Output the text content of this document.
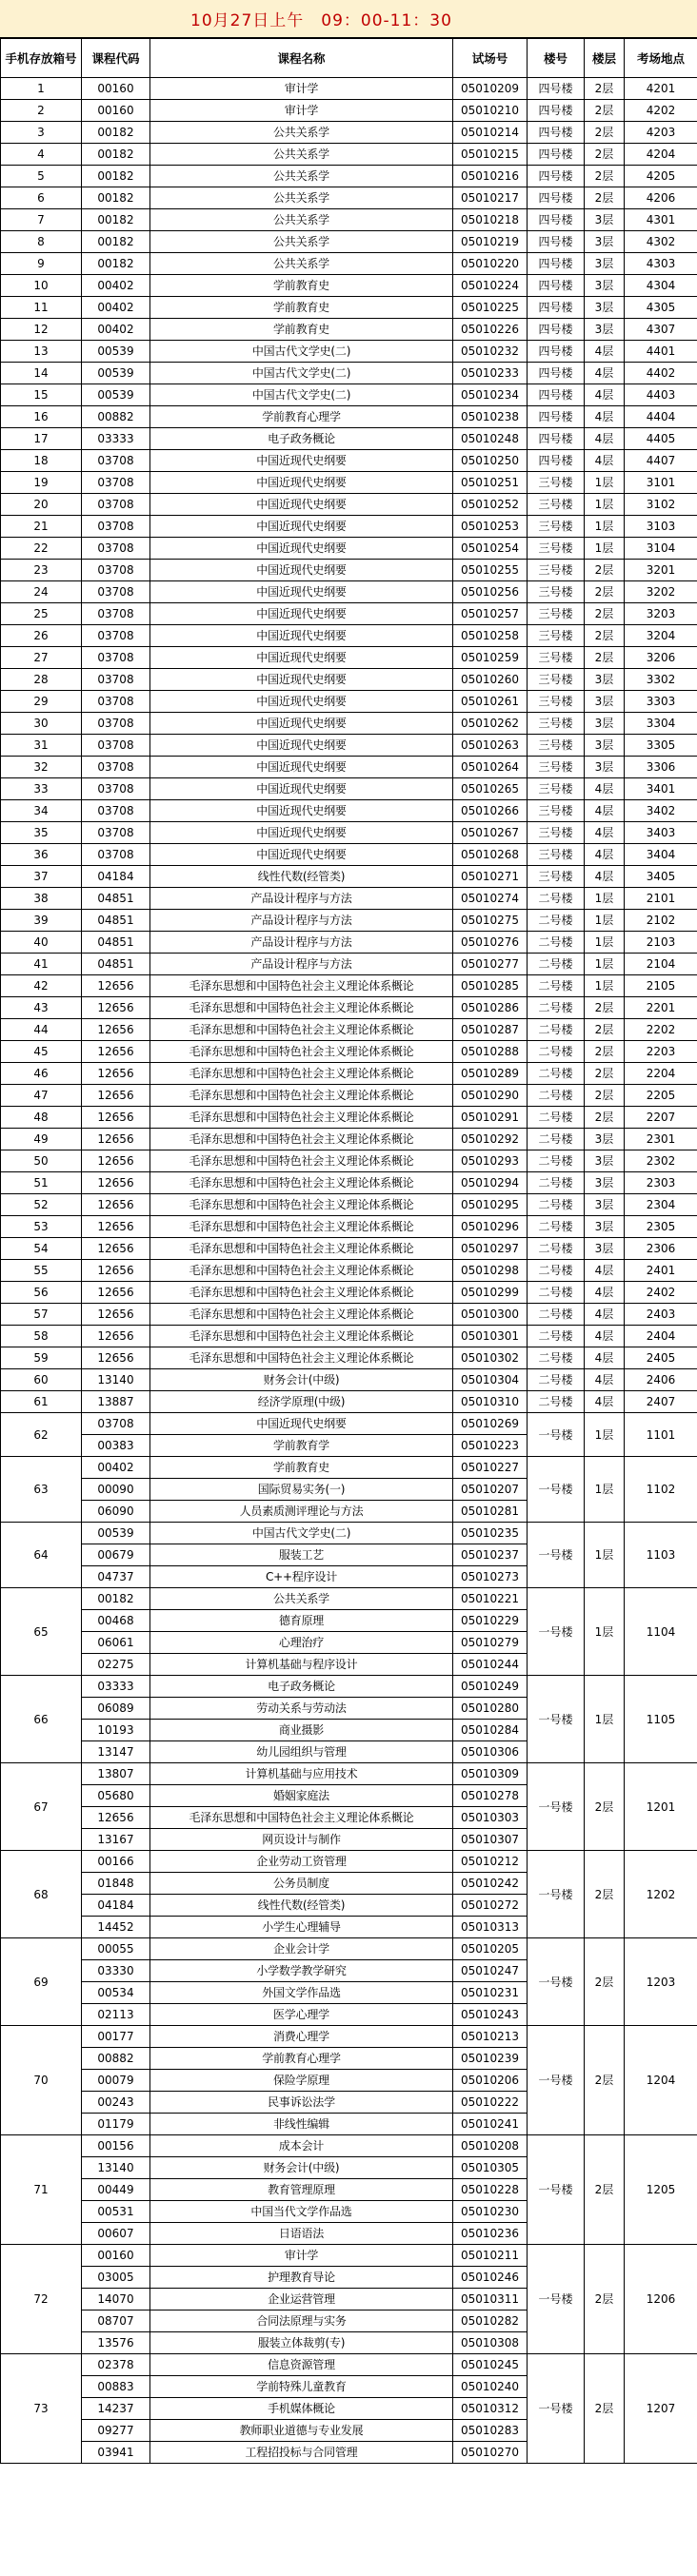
10月27日上午　09：00-11：30
手机存放箱号	课程代码	课程名称	试场号	楼号	楼层	考场地点
1	00160	审计学	05010209	四号楼	2层	4201
2	00160	审计学	05010210	四号楼	2层	4202
3	00182	公共关系学	05010214	四号楼	2层	4203
4	00182	公共关系学	05010215	四号楼	2层	4204
5	00182	公共关系学	05010216	四号楼	2层	4205
6	00182	公共关系学	05010217	四号楼	2层	4206
7	00182	公共关系学	05010218	四号楼	3层	4301
8	00182	公共关系学	05010219	四号楼	3层	4302
9	00182	公共关系学	05010220	四号楼	3层	4303
10	00402	学前教育史	05010224	四号楼	3层	4304
11	00402	学前教育史	05010225	四号楼	3层	4305
12	00402	学前教育史	05010226	四号楼	3层	4307
13	00539	中国古代文学史(二)	05010232	四号楼	4层	4401
14	00539	中国古代文学史(二)	05010233	四号楼	4层	4402
15	00539	中国古代文学史(二)	05010234	四号楼	4层	4403
16	00882	学前教育心理学	05010238	四号楼	4层	4404
17	03333	电子政务概论	05010248	四号楼	4层	4405
18	03708	中国近现代史纲要	05010250	四号楼	4层	4407
19	03708	中国近现代史纲要	05010251	三号楼	1层	3101
20	03708	中国近现代史纲要	05010252	三号楼	1层	3102
21	03708	中国近现代史纲要	05010253	三号楼	1层	3103
22	03708	中国近现代史纲要	05010254	三号楼	1层	3104
23	03708	中国近现代史纲要	05010255	三号楼	2层	3201
24	03708	中国近现代史纲要	05010256	三号楼	2层	3202
25	03708	中国近现代史纲要	05010257	三号楼	2层	3203
26	03708	中国近现代史纲要	05010258	三号楼	2层	3204
27	03708	中国近现代史纲要	05010259	三号楼	2层	3206
28	03708	中国近现代史纲要	05010260	三号楼	3层	3302
29	03708	中国近现代史纲要	05010261	三号楼	3层	3303
30	03708	中国近现代史纲要	05010262	三号楼	3层	3304
31	03708	中国近现代史纲要	05010263	三号楼	3层	3305
32	03708	中国近现代史纲要	05010264	三号楼	3层	3306
33	03708	中国近现代史纲要	05010265	三号楼	4层	3401
34	03708	中国近现代史纲要	05010266	三号楼	4层	3402
35	03708	中国近现代史纲要	05010267	三号楼	4层	3403
36	03708	中国近现代史纲要	05010268	三号楼	4层	3404
37	04184	线性代数(经管类)	05010271	三号楼	4层	3405
38	04851	产品设计程序与方法	05010274	二号楼	1层	2101
39	04851	产品设计程序与方法	05010275	二号楼	1层	2102
40	04851	产品设计程序与方法	05010276	二号楼	1层	2103
41	04851	产品设计程序与方法	05010277	二号楼	1层	2104
42	12656	毛泽东思想和中国特色社会主义理论体系概论	05010285	二号楼	1层	2105
43	12656	毛泽东思想和中国特色社会主义理论体系概论	05010286	二号楼	2层	2201
44	12656	毛泽东思想和中国特色社会主义理论体系概论	05010287	二号楼	2层	2202
45	12656	毛泽东思想和中国特色社会主义理论体系概论	05010288	二号楼	2层	2203
46	12656	毛泽东思想和中国特色社会主义理论体系概论	05010289	二号楼	2层	2204
47	12656	毛泽东思想和中国特色社会主义理论体系概论	05010290	二号楼	2层	2205
48	12656	毛泽东思想和中国特色社会主义理论体系概论	05010291	二号楼	2层	2207
49	12656	毛泽东思想和中国特色社会主义理论体系概论	05010292	二号楼	3层	2301
50	12656	毛泽东思想和中国特色社会主义理论体系概论	05010293	二号楼	3层	2302
51	12656	毛泽东思想和中国特色社会主义理论体系概论	05010294	二号楼	3层	2303
52	12656	毛泽东思想和中国特色社会主义理论体系概论	05010295	二号楼	3层	2304
53	12656	毛泽东思想和中国特色社会主义理论体系概论	05010296	二号楼	3层	2305
54	12656	毛泽东思想和中国特色社会主义理论体系概论	05010297	二号楼	3层	2306
55	12656	毛泽东思想和中国特色社会主义理论体系概论	05010298	二号楼	4层	2401
56	12656	毛泽东思想和中国特色社会主义理论体系概论	05010299	二号楼	4层	2402
57	12656	毛泽东思想和中国特色社会主义理论体系概论	05010300	二号楼	4层	2403
58	12656	毛泽东思想和中国特色社会主义理论体系概论	05010301	二号楼	4层	2404
59	12656	毛泽东思想和中国特色社会主义理论体系概论	05010302	二号楼	4层	2405
60	13140	财务会计(中级)	05010304	二号楼	4层	2406
61	13887	经济学原理(中级)	05010310	二号楼	4层	2407
62	03708	中国近现代史纲要	05010269	一号楼	1层	1101
	00383	学前教育学	05010223			
63	00402	学前教育史	05010227	一号楼	1层	1102
	00090	国际贸易实务(一)	05010207			
	06090	人员素质测评理论与方法	05010281			
64	00539	中国古代文学史(二)	05010235	一号楼	1层	1103
	00679	服装工艺	05010237			
	04737	C++程序设计	05010273			
65	00182	公共关系学	05010221	一号楼	1层	1104
	00468	德育原理	05010229			
	06061	心理治疗	05010279			
	02275	计算机基础与程序设计	05010244			
66	03333	电子政务概论	05010249	一号楼	1层	1105
	06089	劳动关系与劳动法	05010280			
	10193	商业摄影	05010284			
	13147	幼儿园组织与管理	05010306			
67	13807	计算机基础与应用技术	05010309	一号楼	2层	1201
	05680	婚姻家庭法	05010278			
	12656	毛泽东思想和中国特色社会主义理论体系概论	05010303			
	13167	网页设计与制作	05010307			
68	00166	企业劳动工资管理	05010212	一号楼	2层	1202
	01848	公务员制度	05010242			
	04184	线性代数(经管类)	05010272			
	14452	小学生心理辅导	05010313			
69	00055	企业会计学	05010205	一号楼	2层	1203
	03330	小学数学教学研究	05010247			
	00534	外国文学作品选	05010231			
	02113	医学心理学	05010243			
70	00177	消费心理学	05010213	一号楼	2层	1204
	00882	学前教育心理学	05010239			
	00079	保险学原理	05010206			
	00243	民事诉讼法学	05010222			
	01179	非线性编辑	05010241			
71	00156	成本会计	05010208	一号楼	2层	1205
	13140	财务会计(中级)	05010305			
	00449	教育管理原理	05010228			
	00531	中国当代文学作品选	05010230			
	00607	日语语法	05010236			
72	00160	审计学	05010211	一号楼	2层	1206
	03005	护理教育导论	05010246			
	14070	企业运营管理	05010311			
	08707	合同法原理与实务	05010282			
	13576	服装立体裁剪(专)	05010308			
73	02378	信息资源管理	05010245	一号楼	2层	1207
	00883	学前特殊儿童教育	05010240			
	14237	手机媒体概论	05010312			
	09277	教师职业道德与专业发展	05010283			
	03941	工程招投标与合同管理	05010270			
